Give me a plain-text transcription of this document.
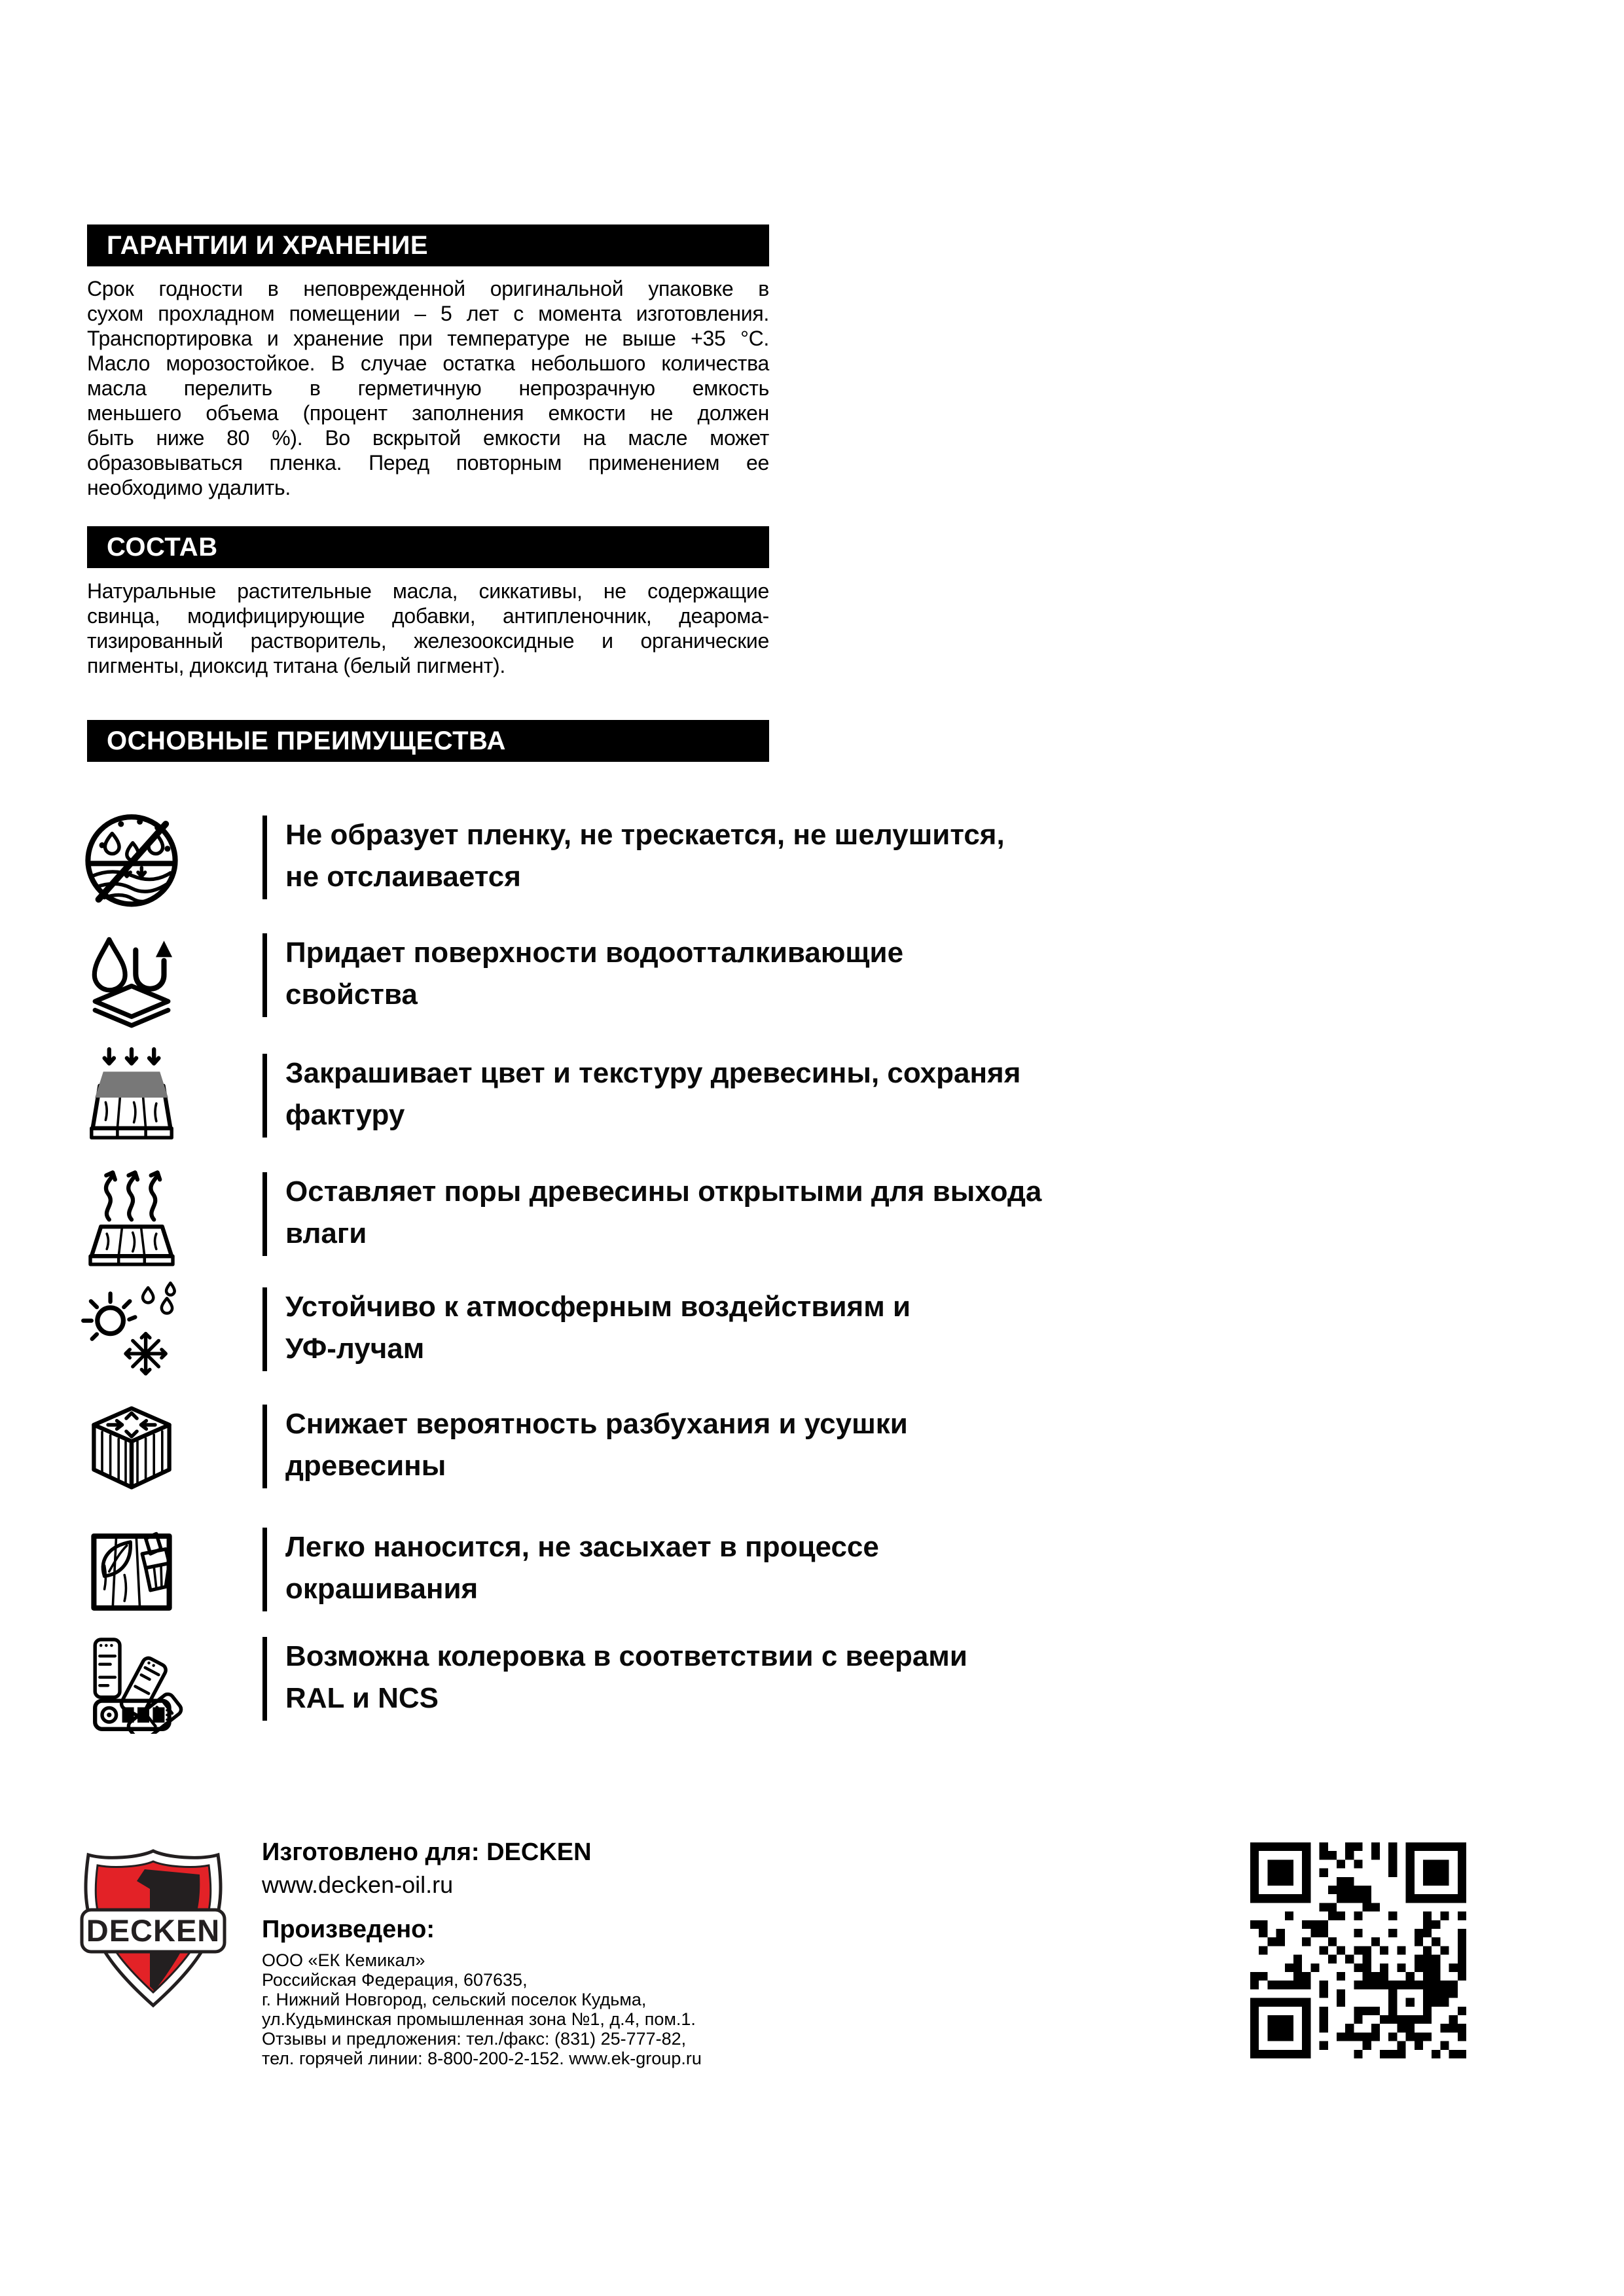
ГАРАНТИИ И ХРАНЕНИЕ
Срок годности в неповрежденной оригинальной упаковке в
сухом прохладном помещении – 5 лет с момента изготовления.
Транспортировка и хранение при температуре не выше +35 °С.
Масло морозостойкое. В случае остатка небольшого количества
масла перелить в герметичную непрозрачную емкость
меньшего объема (процент заполнения емкости не должен
быть ниже 80 %). Во вскрытой емкости на масле может
образовываться пленка. Перед повторным применением ее
необходимо удалить.
СОСТАВ
Натуральные растительные масла, сиккативы, не содержащие
свинца, модифицирующие добавки, антипленочник, деарома-
тизированный растворитель, железооксидные и органические
пигменты, диоксид титана (белый пигмент).
ОСНОВНЫЕ ПРЕИМУЩЕСТВА
Не образует пленку, не трескается, не шелушится,
не отслаивается
Придает поверхности водоотталкивающие
свойства
Закрашивает цвет и текстуру древесины, сохраняя
фактуру
Оставляет поры древесины открытыми для выхода
влаги
Устойчиво к атмосферным воздействиям и
УФ-лучам
Снижает вероятность разбухания и усушки
древесины
Легко наносится, не засыхает в процессе
окрашивания
Возможна колеровка в соответствии с веерами
RAL и NCS
DECKEN
Изготовлено для: DECKEN
www.decken-oil.ru
Произведено:
ООО «ЕК Кемикал»
Российская Федерация, 607635,
г. Нижний Новгород, сельский поселок Кудьма,
ул.Кудьминская промышленная зона №1, д.4, пом.1.
Отзывы и предложения: тел./факс: (831) 25-777-82,
тел. горячей линии: 8-800-200-2-152. www.ek-group.ru
